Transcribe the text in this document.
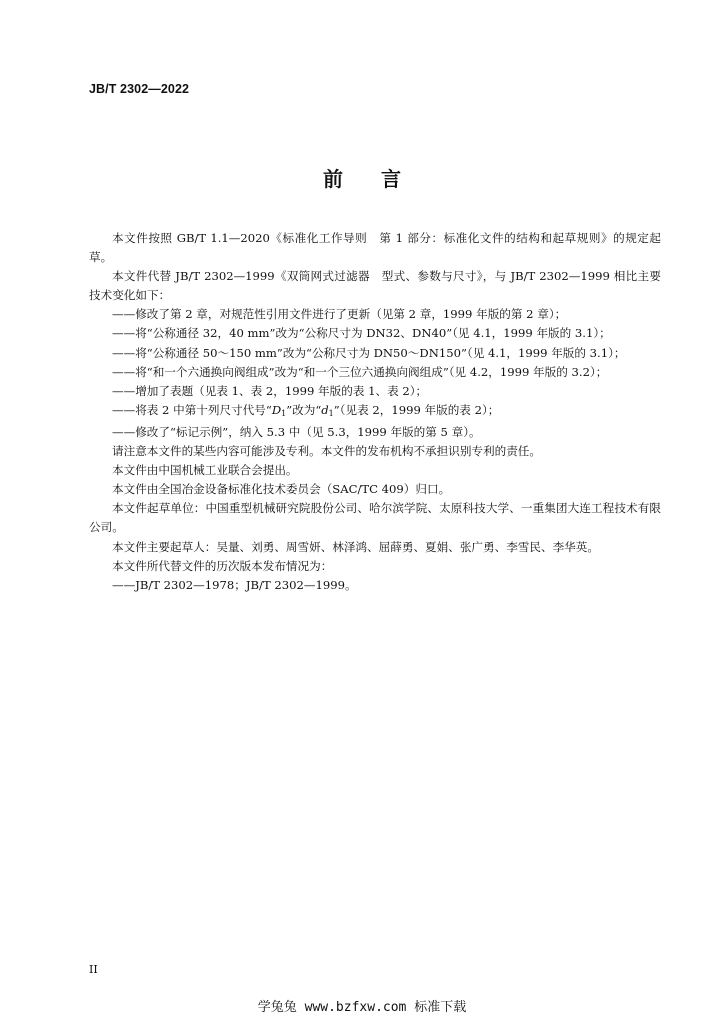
JB/T 2302—2022
前 言

本文件按照 GB/T 1.1—2020《标准化工作导则　第 1 部分：标准化文件的结构和起草规则》的规定起草。

本文件代替 JB/T 2302—1999《双筒网式过滤器　型式、参数与尺寸》，与 JB/T 2302—1999 相比主要技术变化如下：

——修改了第 2 章，对规范性引用文件进行了更新（见第 2 章，1999 年版的第 2 章）；

——将“公称通径 32，40 mm”改为“公称尺寸为 DN32、DN40”（见 4.1，1999 年版的 3.1）；

——将“公称通径 50～150 mm”改为“公称尺寸为 DN50～DN150”（见 4.1，1999 年版的 3.1）；

——将“和一个六通换向阀组成”改为“和一个三位六通换向阀组成”（见 4.2，1999 年版的 3.2）；

——增加了表题（见表 1、表 2，1999 年版的表 1、表 2）；

——将表 2 中第十列尺寸代号“$D_1$”改为“$d_1$”（见表 2，1999 年版的表 2）；

——修改了“标记示例”，纳入 5.3 中（见 5.3，1999 年版的第 5 章）。

请注意本文件的某些内容可能涉及专利。本文件的发布机构不承担识别专利的责任。

本文件由中国机械工业联合会提出。

本文件由全国冶金设备标准化技术委员会（SAC/TC 409）归口。

本文件起草单位：中国重型机械研究院股份公司、哈尔滨学院、太原科技大学、一重集团大连工程技术有限公司。

本文件主要起草人：吴量、刘勇、周雪妍、林泽鸿、屈薛勇、夏娟、张广勇、李雪民、李华英。

本文件所代替文件的历次版本发布情况为：

——JB/T 2302—1978；JB/T 2302—1999。

II
学兔兔 www.bzfxw.com 标准下载
